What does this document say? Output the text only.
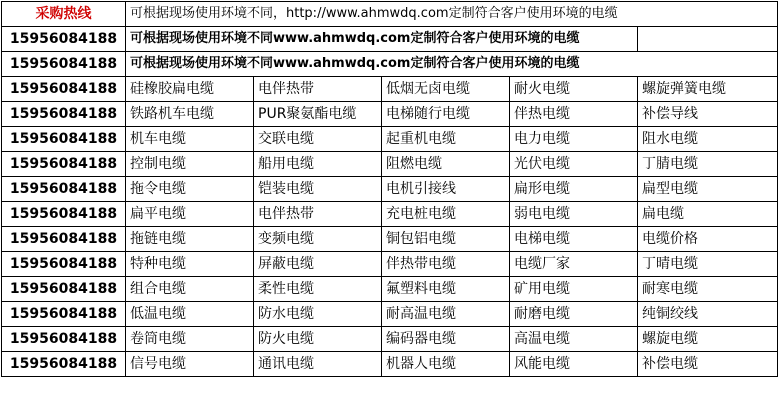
采购热线	可根据现场使用环境不同，http://www.ahmwdq.com定制符合客户使用环境的电缆					
15956084188	可根据现场使用环境不同www.ahmwdq.com定制符合客户使用环境的电缆					
15956084188	可根据现场使用环境不同www.ahmwdq.com定制符合客户使用环境的电缆					
15956084188	硅橡胶扁电缆	电伴热带	低烟无卤电缆	耐火电缆	螺旋弹簧电缆	
15956084188	铁路机车电缆	PUR聚氨酯电缆	电梯随行电缆	伴热电缆	补偿导线	
15956084188	机车电缆	交联电缆	起重机电缆	电力电缆	阻水电缆	
15956084188	控制电缆	船用电缆	阻燃电缆	光伏电缆	丁腈电缆	
15956084188	拖令电缆	铠装电缆	电机引接线	扁形电缆	扁型电缆	
15956084188	扁平电缆	电伴热带	充电桩电缆	弱电电缆	扁电缆	
15956084188	拖链电缆	变频电缆	铜包铝电缆	电梯电缆	电缆价格	
15956084188	特种电缆	屏蔽电缆	伴热带电缆	电缆厂家	丁晴电缆	
15956084188	组合电缆	柔性电缆	氟塑料电缆	矿用电缆	耐寒电缆	
15956084188	低温电缆	防水电缆	耐高温电缆	耐磨电缆	纯铜绞线	
15956084188	卷筒电缆	防火电缆	编码器电缆	高温电缆	螺旋电缆	
15956084188	信号电缆	通讯电缆	机器人电缆	风能电缆	补偿电缆	
